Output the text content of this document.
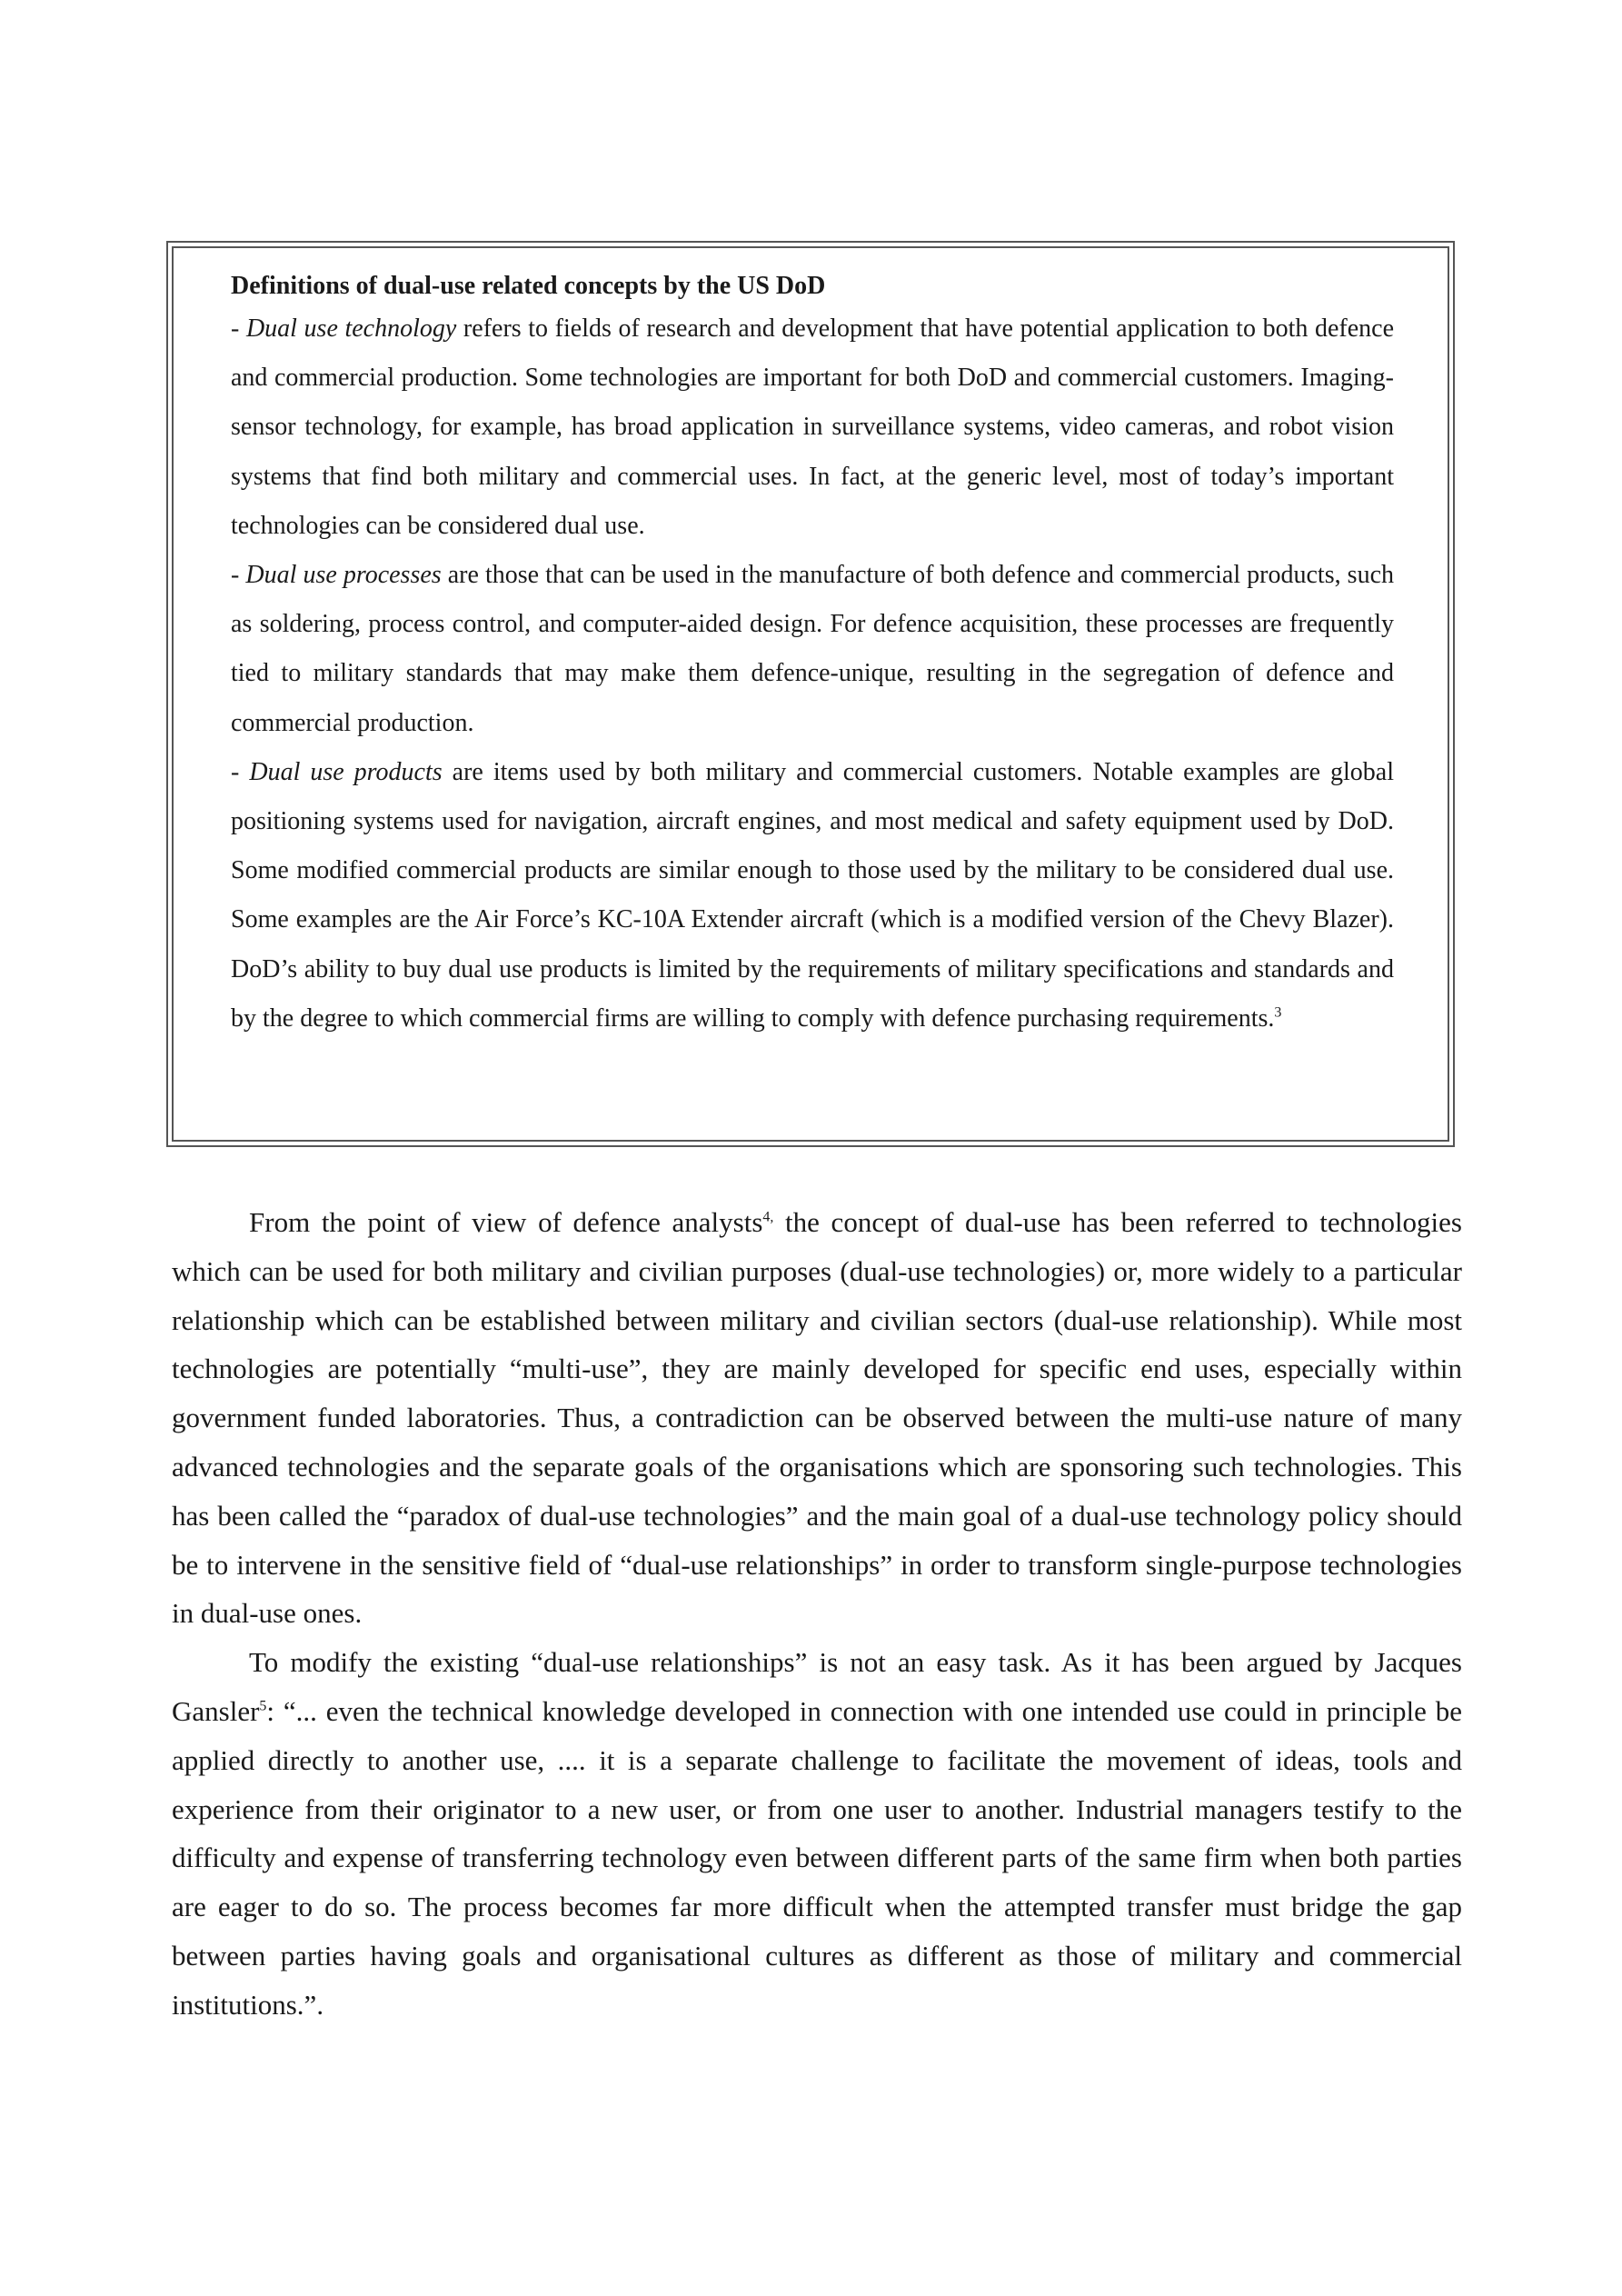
Definitions of dual-use related concepts by the US DoD

- Dual use technology refers to fields of research and development that have potential application to both defence and commercial production. Some technologies are important for both DoD and commercial customers. Imaging-sensor technology, for example, has broad application in surveillance systems, video cameras, and robot vision systems that find both military and commercial uses. In fact, at the generic level, most of today’s important technologies can be considered dual use.

- Dual use processes are those that can be used in the manufacture of both defence and commercial products, such as soldering, process control, and computer-aided design. For defence acquisition, these processes are frequently tied to military standards that may make them defence-unique, resulting in the segregation of defence and commercial production.

- Dual use products are items used by both military and commercial customers. Notable examples are global positioning systems used for navigation, aircraft engines, and most medical and safety equipment used by DoD. Some modified commercial products are similar enough to those used by the military to be considered dual use. Some examples are the Air Force’s KC-10A Extender aircraft (which is a modified version of the Chevy Blazer). DoD’s ability to buy dual use products is limited by the requirements of military specifications and standards and by the degree to which commercial firms are willing to comply with defence purchasing requirements.$^3$

From the point of view of defence analysts$^{4,}$ the concept of dual-use has been referred to technologies which can be used for both military and civilian purposes (dual-use technologies) or, more widely to a particular relationship which can be established between military and civilian sectors (dual-use relationship). While most technologies are potentially “multi-use”, they are mainly developed for specific end uses, especially within government funded laboratories. Thus, a contradiction can be observed between the multi-use nature of many advanced technologies and the separate goals of the organisations which are sponsoring such technologies. This has been called the “paradox of dual-use technologies” and the main goal of a dual-use technology policy should be to intervene in the sensitive field of “dual-use relationships” in order to transform single-purpose technologies in dual-use ones.

To modify the existing “dual-use relationships” is not an easy task. As it has been argued by Jacques Gansler$^5$: “... even the technical knowledge developed in connection with one intended use could in principle be applied directly to another use, .... it is a separate challenge to facilitate the movement of ideas, tools and experience from their originator to a new user, or from one user to another. Industrial managers testify to the difficulty and expense of transferring technology even between different parts of the same firm when both parties are eager to do so. The process becomes far more difficult when the attempted transfer must bridge the gap between parties having goals and organisational cultures as different as those of military and commercial institutions.”.
